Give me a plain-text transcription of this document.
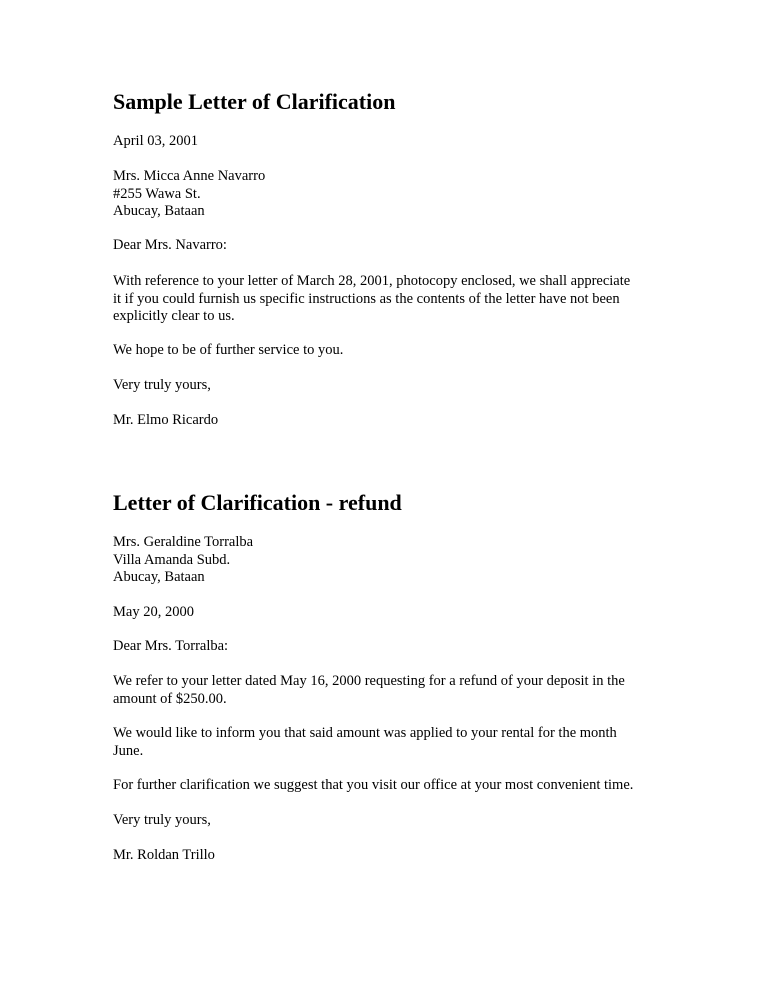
Sample Letter of Clarification

April 03, 2001

Mrs. Micca Anne Navarro
#255 Wawa St.
Abucay, Bataan

Dear Mrs. Navarro:

With reference to your letter of March 28, 2001, photocopy enclosed, we shall appreciate
it if you could furnish us specific instructions as the contents of the letter have not been
explicitly clear to us.

We hope to be of further service to you.

Very truly yours,

Mr. Elmo Ricardo

Letter of Clarification - refund

Mrs. Geraldine Torralba
Villa Amanda Subd.
Abucay, Bataan

May 20, 2000

Dear Mrs. Torralba:

We refer to your letter dated May 16, 2000 requesting for a refund of your deposit in the
amount of $250.00.

We would like to inform you that said amount was applied to your rental for the month
June.

For further clarification we suggest that you visit our office at your most convenient time.

Very truly yours,

Mr. Roldan Trillo
